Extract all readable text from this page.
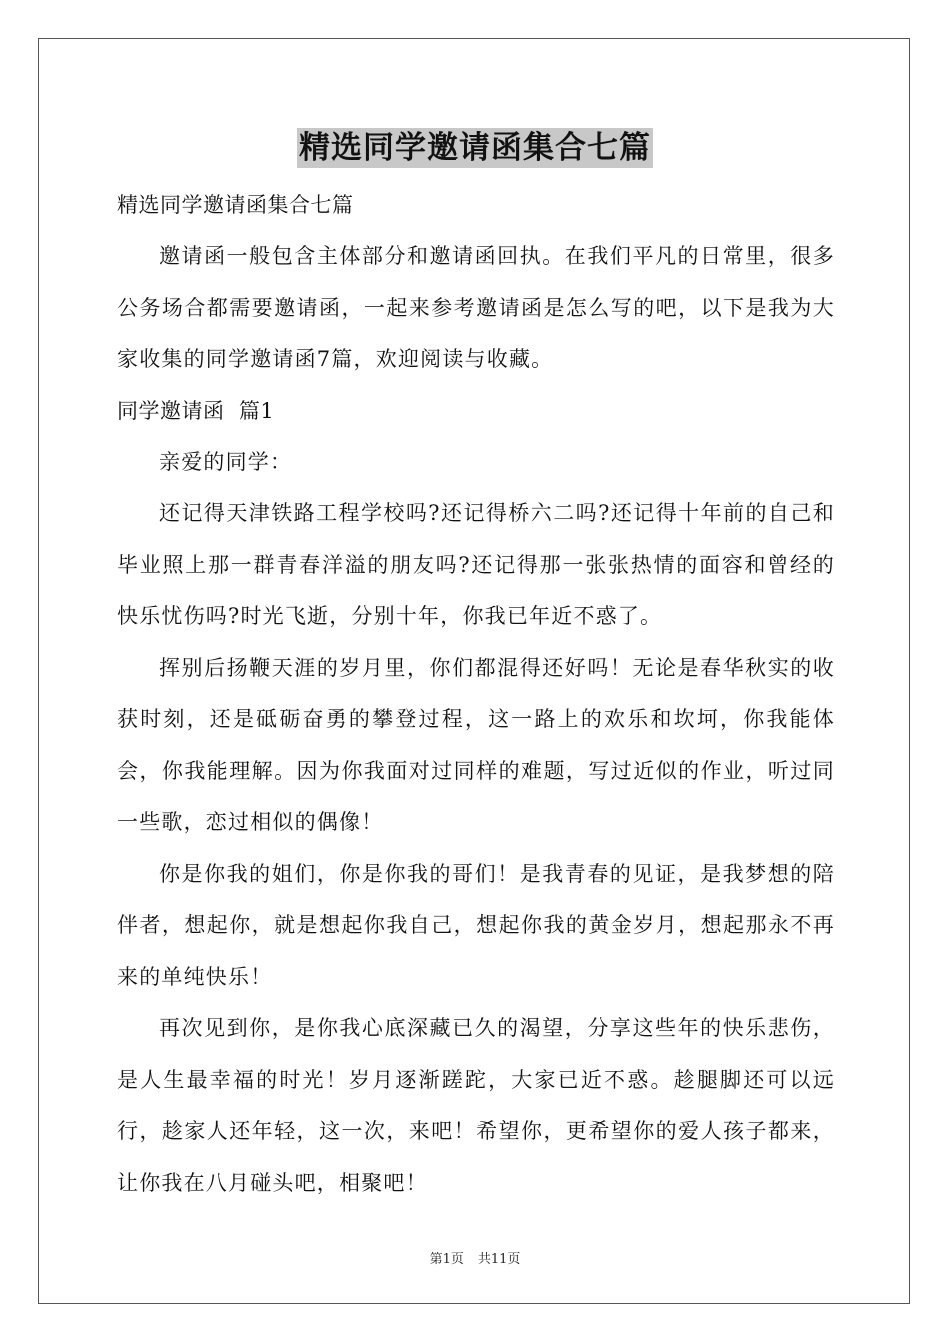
精选同学邀请函集合七篇

精选同学邀请函集合七篇

邀请函一般包含主体部分和邀请函回执。在我们平凡的日常里，很多公务场合都需要邀请函，一起来参考邀请函是怎么写的吧，以下是我为大家收集的同学邀请函7篇，欢迎阅读与收藏。

同学邀请函  篇1

亲爱的同学：

还记得天津铁路工程学校吗?还记得桥六二吗?还记得十年前的自己和毕业照上那一群青春洋溢的朋友吗?还记得那一张张热情的面容和曾经的快乐忧伤吗?时光飞逝，分别十年，你我已年近不惑了。

挥别后扬鞭天涯的岁月里，你们都混得还好吗！无论是春华秋实的收获时刻，还是砥砺奋勇的攀登过程，这一路上的欢乐和坎坷，你我能体会，你我能理解。因为你我面对过同样的难题，写过近似的作业，听过同一些歌，恋过相似的偶像！

你是你我的姐们，你是你我的哥们！是我青春的见证，是我梦想的陪伴者，想起你，就是想起你我自己，想起你我的黄金岁月，想起那永不再来的单纯快乐！

再次见到你，是你我心底深藏已久的渴望，分享这些年的快乐悲伤，是人生最幸福的时光！岁月逐渐蹉跎，大家已近不惑。趁腿脚还可以远行，趁家人还年轻，这一次，来吧！希望你，更希望你的爱人孩子都来，让你我在八月碰头吧，相聚吧！

第1页 共11页
